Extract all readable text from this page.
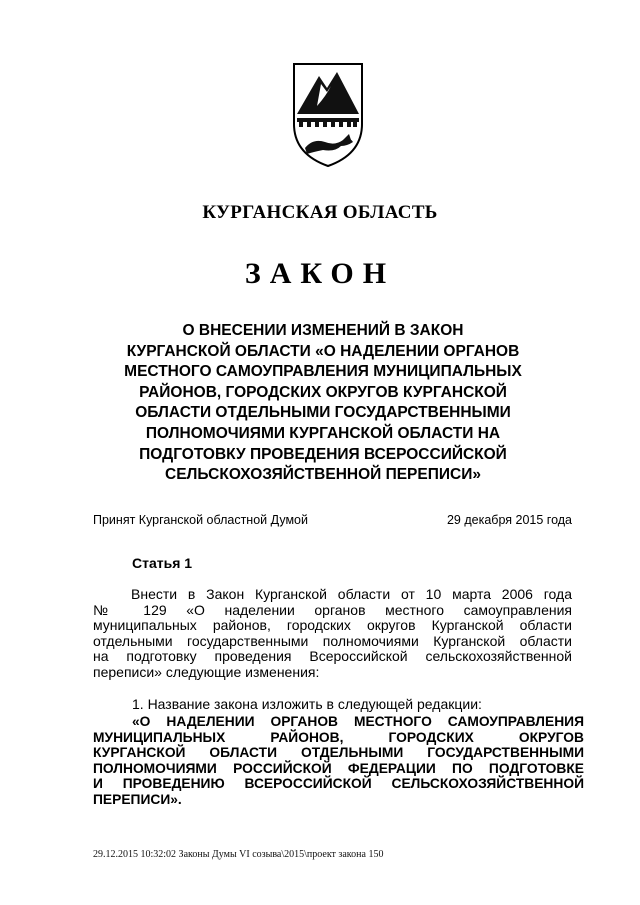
КУРГАНСКАЯ ОБЛАСТЬ
ЗАКОН
О ВНЕСЕНИИ ИЗМЕНЕНИЙ В ЗАКОН
КУРГАНСКОЙ ОБЛАСТИ «О НАДЕЛЕНИИ ОРГАНОВ
МЕСТНОГО САМОУПРАВЛЕНИЯ МУНИЦИПАЛЬНЫХ
РАЙОНОВ, ГОРОДСКИХ ОКРУГОВ КУРГАНСКОЙ
ОБЛАСТИ ОТДЕЛЬНЫМИ ГОСУДАРСТВЕННЫМИ
ПОЛНОМОЧИЯМИ КУРГАНСКОЙ ОБЛАСТИ НА
ПОДГОТОВКУ ПРОВЕДЕНИЯ ВСЕРОССИЙСКОЙ
СЕЛЬСКОХОЗЯЙСТВЕННОЙ ПЕРЕПИСИ»
Принят Курганской областной Думой	29 декабря 2015 года
Статья 1
Внести в Закон Курганской области от 10 марта 2006 года
№ 129 «О наделении органов местного самоуправления
муниципальных районов, городских округов Курганской области
отдельными государственными полномочиями Курганской области
на подготовку проведения Всероссийской сельскохозяйственной
переписи» следующие изменения:
1. Название закона изложить в следующей редакции:
«О НАДЕЛЕНИИ ОРГАНОВ МЕСТНОГО САМОУПРАВЛЕНИЯ
МУНИЦИПАЛЬНЫХ РАЙОНОВ, ГОРОДСКИХ ОКРУГОВ
КУРГАНСКОЙ ОБЛАСТИ ОТДЕЛЬНЫМИ ГОСУДАРСТВЕННЫМИ
ПОЛНОМОЧИЯМИ РОССИЙСКОЙ ФЕДЕРАЦИИ ПО ПОДГОТОВКЕ
И ПРОВЕДЕНИЮ ВСЕРОССИЙСКОЙ СЕЛЬСКОХОЗЯЙСТВЕННОЙ
ПЕРЕПИСИ».
29.12.2015 10:32:02 Законы Думы VI созыва\2015\проект закона 150
